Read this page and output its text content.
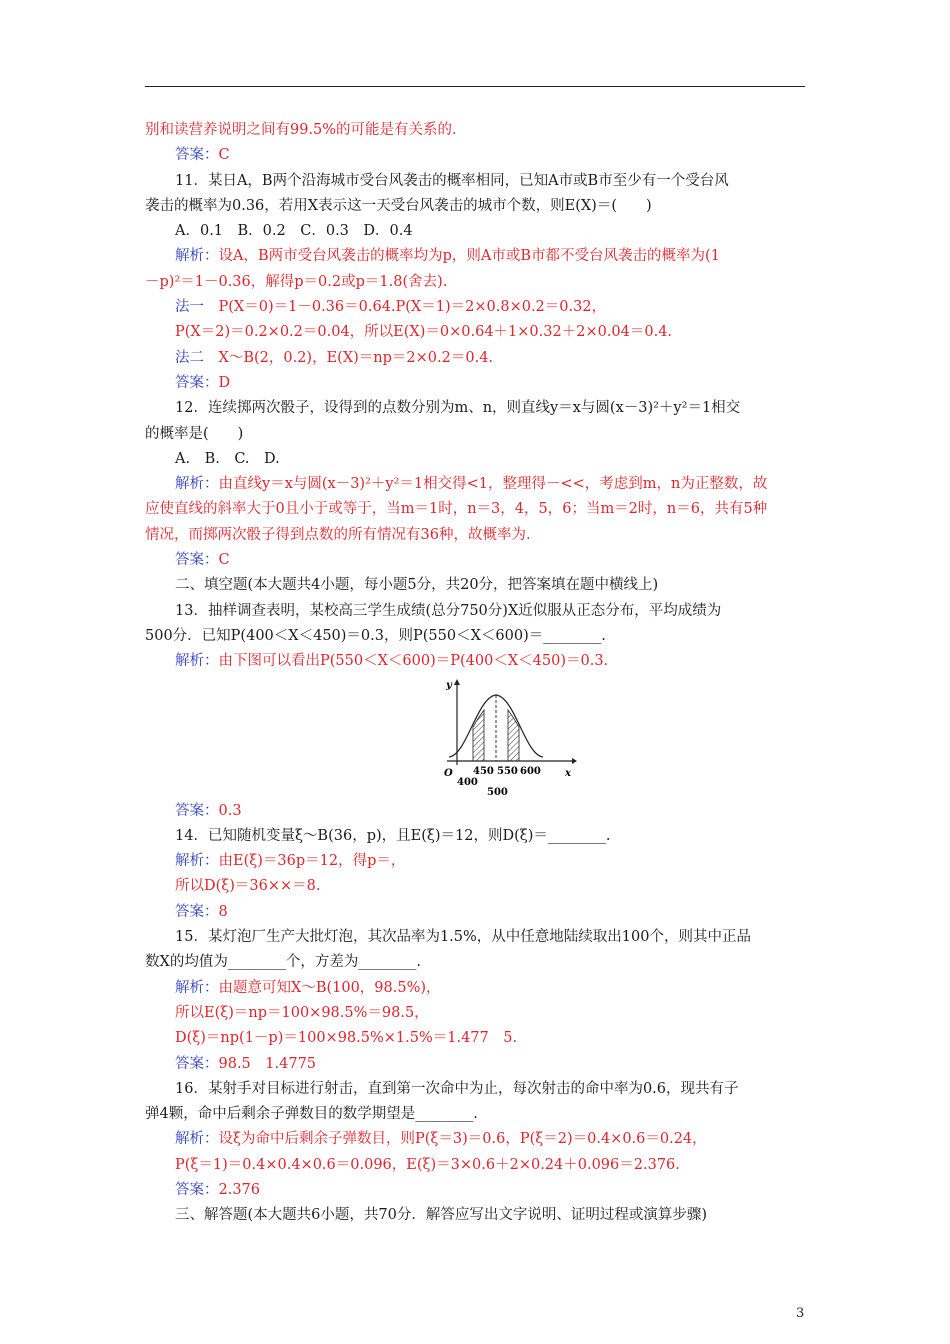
别和读营养说明之间有99.5%的可能是有关系的.
答案：C
11．某日A，B两个沿海城市受台风袭击的概率相同，已知A市或B市至少有一个受台风
袭击的概率为0.36，若用X表示这一天受台风袭击的城市个数，则E(X)＝(　　)
A．0.1　B．0.2　C．0.3　D．0.4
解析：设A，B两市受台风袭击的概率均为p，则A市或B市都不受台风袭击的概率为(1
－p)²＝1－0.36，解得p＝0.2或p＝1.8(舍去).
法一　P(X＝0)＝1－0.36＝0.64.P(X＝1)＝2×0.8×0.2＝0.32，
P(X＝2)＝0.2×0.2＝0.04，所以E(X)＝0×0.64＋1×0.32＋2×0.04＝0.4.
法二　X～B(2，0.2)，E(X)＝np＝2×0.2＝0.4.
答案：D
12．连续掷两次骰子，设得到的点数分别为m、n，则直线y＝x与圆(x－3)²＋y²＝1相交
的概率是(　　)
A.　B.　C.　D.
解析：由直线y＝x与圆(x－3)²＋y²＝1相交得<1，整理得－<<，考虑到m，n为正整数，故
应使直线的斜率大于0且小于或等于，当m＝1时，n＝3，4，5，6；当m＝2时，n＝6，共有5种
情况，而掷两次骰子得到点数的所有情况有36种，故概率为.
答案：C
二、填空题(本大题共4小题，每小题5分，共20分，把答案填在题中横线上)
13．抽样调查表明，某校高三学生成绩(总分750分)X近似服从正态分布，平均成绩为
500分．已知P(400＜X＜450)＝0.3，则P(550＜X＜600)＝________.
解析：由下图可以看出P(550＜X＜600)＝P(400＜X＜450)＝0.3.
y
O	x
450 550 600
400
500
答案：0.3
14．已知随机变量ξ～B(36，p)，且E(ξ)＝12，则D(ξ)＝________.
解析：由E(ξ)＝36p＝12，得p＝，
所以D(ξ)＝36××＝8.
答案：8
15．某灯泡厂生产大批灯泡，其次品率为1.5%，从中任意地陆续取出100个，则其中正品
数X的均值为________个，方差为________.
解析：由题意可知X～B(100，98.5%)，
所以E(ξ)＝np＝100×98.5%＝98.5，
D(ξ)＝np(1－p)＝100×98.5%×1.5%＝1.477　5.
答案：98.5　1.4775
16．某射手对目标进行射击，直到第一次命中为止，每次射击的命中率为0.6，现共有子
弹4颗，命中后剩余子弹数目的数学期望是________.
解析：设ξ为命中后剩余子弹数目，则P(ξ＝3)＝0.6，P(ξ＝2)＝0.4×0.6＝0.24，
P(ξ＝1)＝0.4×0.4×0.6＝0.096，E(ξ)＝3×0.6＋2×0.24＋0.096＝2.376.
答案：2.376
三、解答题(本大题共6小题，共70分．解答应写出文字说明、证明过程或演算步骤)
3
